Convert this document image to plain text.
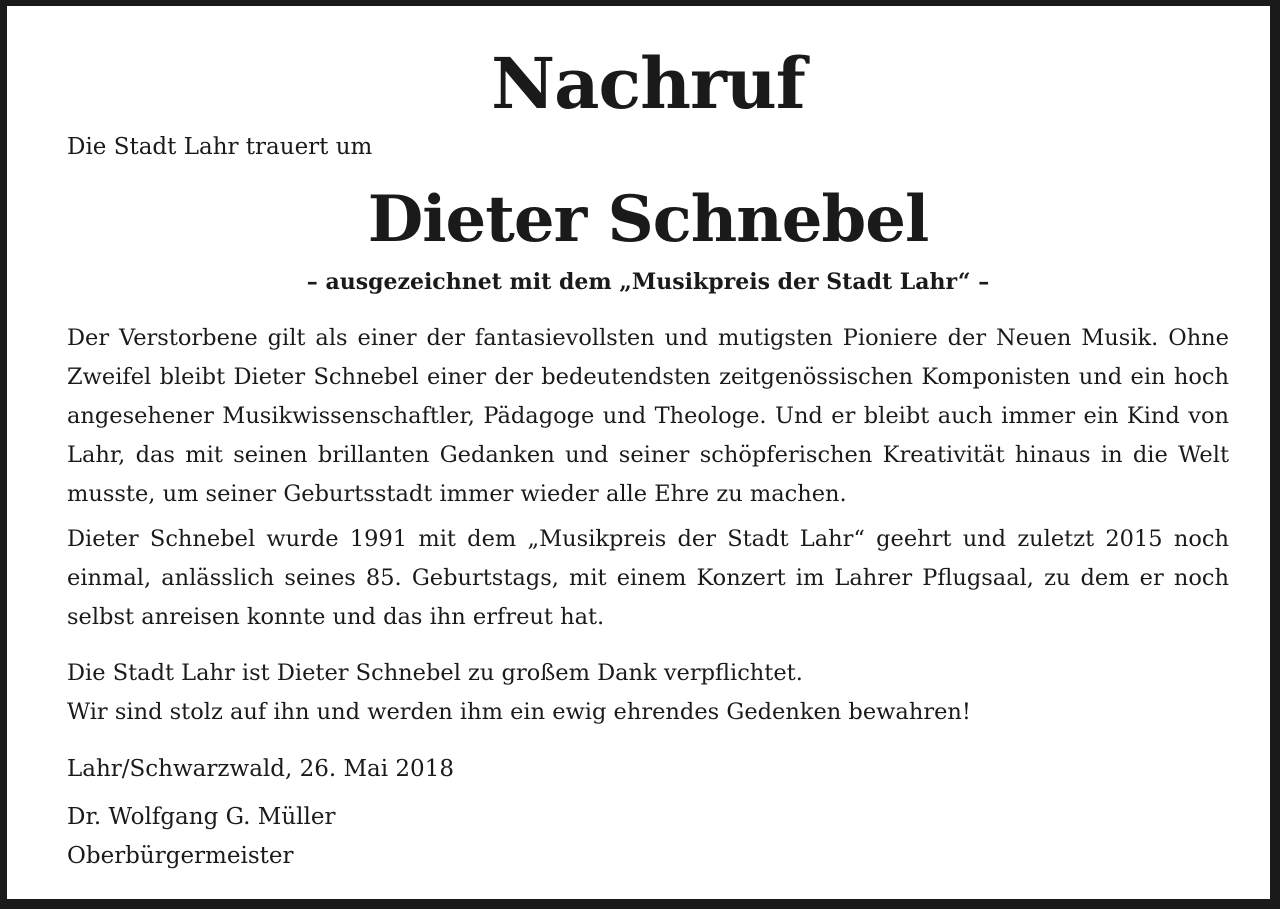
Nachruf
Die Stadt Lahr trauert um
Dieter Schnebel
– ausgezeichnet mit dem „Musikpreis der Stadt Lahr“ –

Der Verstorbene gilt als einer der fantasievollsten und mutigsten Pioniere der Neuen Musik. Ohne Zweifel bleibt Dieter Schnebel einer der bedeutendsten zeitgenössischen Komponisten und ein hoch angesehener Musikwissenschaftler, Pädagoge und Theologe. Und er bleibt auch immer ein Kind von Lahr, das mit seinen brillanten Gedanken und seiner schöpferischen Kreativität hinaus in die Welt musste, um seiner Geburtsstadt immer wieder alle Ehre zu machen.

Dieter Schnebel wurde 1991 mit dem „Musikpreis der Stadt Lahr“ geehrt und zuletzt 2015 noch einmal, anlässlich seines 85. Geburtstags, mit einem Konzert im Lahrer Pflugsaal, zu dem er noch selbst anreisen konnte und das ihn erfreut hat.

Die Stadt Lahr ist Dieter Schnebel zu großem Dank verpflichtet.
Wir sind stolz auf ihn und werden ihm ein ewig ehrendes Gedenken bewahren!

Lahr/Schwarzwald, 26. Mai 2018
Dr. Wolfgang G. Müller
Oberbürgermeister
